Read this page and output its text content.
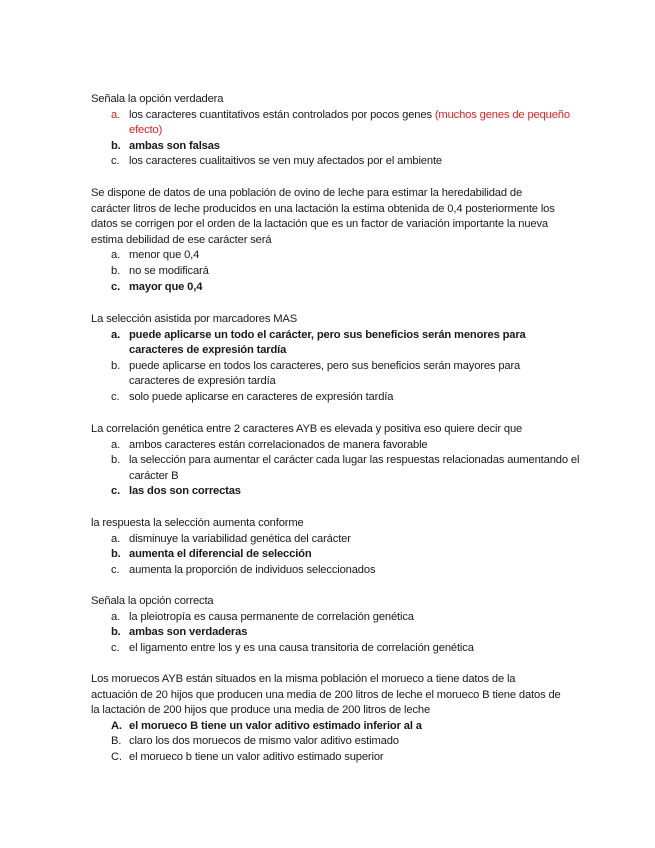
Señala la opción verdadera

a. los caracteres cuantitativos están controlados por pocos genes (muchos genes de pequeño efecto)
b. ambas son falsas
c. los caracteres cualitaitivos se ven muy afectados por el ambiente

Se dispone de datos de una población de ovino de leche para estimar la heredabilidad de carácter litros de leche producidos en una lactación la estima obtenida de 0,4 posteriormente los datos se corrigen por el orden de la lactación que es un factor de variación importante la nueva estima debilidad de ese carácter será

a. menor que 0,4
b. no se modificará
c. mayor que 0,4

La selección asistida por marcadores MAS

a. puede aplicarse un todo el carácter, pero sus beneficios serán menores para caracteres de expresión tardía
b. puede aplicarse en todos los caracteres, pero sus beneficios serán mayores para caracteres de expresión tardía
c. solo puede aplicarse en caracteres de expresión tardía

La correlación genética entre 2 caracteres AYB es elevada y positiva eso quiere decir que

a. ambos caracteres están correlacionados de manera favorable
b. la selección para aumentar el carácter cada lugar las respuestas relacionadas aumentando el carácter B
c. las dos son correctas

la respuesta la selección aumenta conforme

a. disminuye la variabilidad genética del carácter
b. aumenta el diferencial de selección
c. aumenta la proporción de individuos seleccionados

Señala la opción correcta

a. la pleiotropía es causa permanente de correlación genética
b. ambas son verdaderas
c. el ligamento entre los y es una causa transitoria de correlación genética

Los moruecos AYB están situados en la misma población el morueco a tiene datos de la actuación de 20 hijos que producen una media de 200 litros de leche el morueco B tiene datos de la lactación de 200 hijos que produce una media de 200 litros de leche

A. el morueco B tiene un valor aditivo estimado inferior al a
B. claro los dos moruecos de mismo valor aditivo estimado
C. el morueco b tiene un valor aditivo estimado superior
